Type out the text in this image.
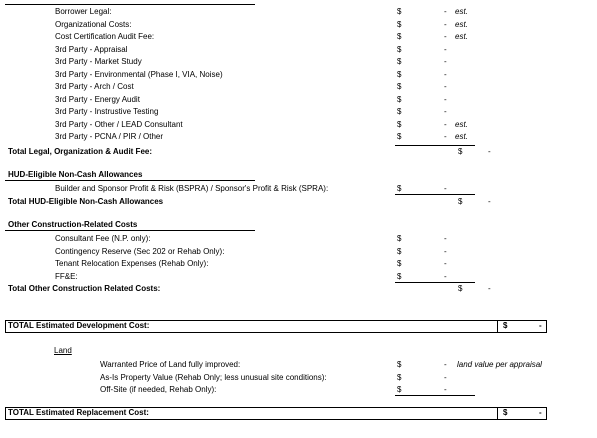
Borrower Legal:	$	- est.
Organizational Costs:	$	- est.
Cost Certification Audit Fee:	$	- est.
3rd Party - Appraisal	$	-
3rd Party - Market Study	$	-
3rd Party - Environmental (Phase I, VIA, Noise)	$	-
3rd Party - Arch / Cost	$	-
3rd Party - Energy Audit	$	-
3rd Party - Instrustive Testing	$	-
3rd Party - Other / LEAD Consultant	$	- est.
3rd Party - PCNA / PIR / Other	$	- est.
Total Legal, Organization & Audit Fee:	$	-
HUD-Eligible Non-Cash Allowances
Builder and Sponsor Profit & Risk (BSPRA) / Sponsor's Profit & Risk (SPRA):	$	-
Total HUD-Eligible Non-Cash Allowances	$	-
Other Construction-Related Costs
Consultant Fee (N.P. only):	$	-
Contingency Reserve (Sec 202 or Rehab Only):	$	-
Tenant Relocation Expenses (Rehab Only):	$	-
FF&E:	$	-
Total Other Construction Related Costs:	$	-
TOTAL Estimated Development Cost:	$	-
Land
Warranted Price of Land fully improved:	$	- land value per appraisal
As-Is Property Value (Rehab Only; less unusual site conditions):	$	-
Off-Site (if needed, Rehab Only):	$	-
TOTAL Estimated Replacement Cost:	$	-
